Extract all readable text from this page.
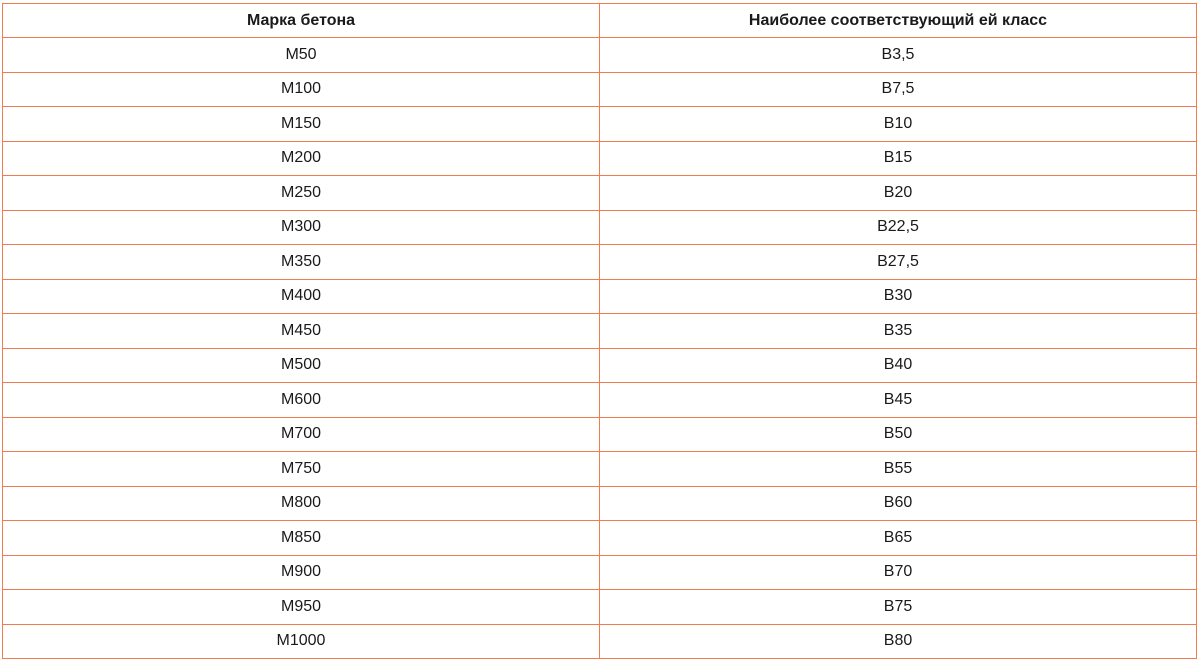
Марка бетона	Наиболее соответствующий ей класс
М50	В3,5
М100	В7,5
М150	В10
М200	В15
М250	В20
М300	В22,5
М350	В27,5
М400	В30
М450	В35
М500	В40
М600	В45
М700	В50
М750	В55
М800	В60
М850	В65
М900	В70
М950	В75
М1000	В80
